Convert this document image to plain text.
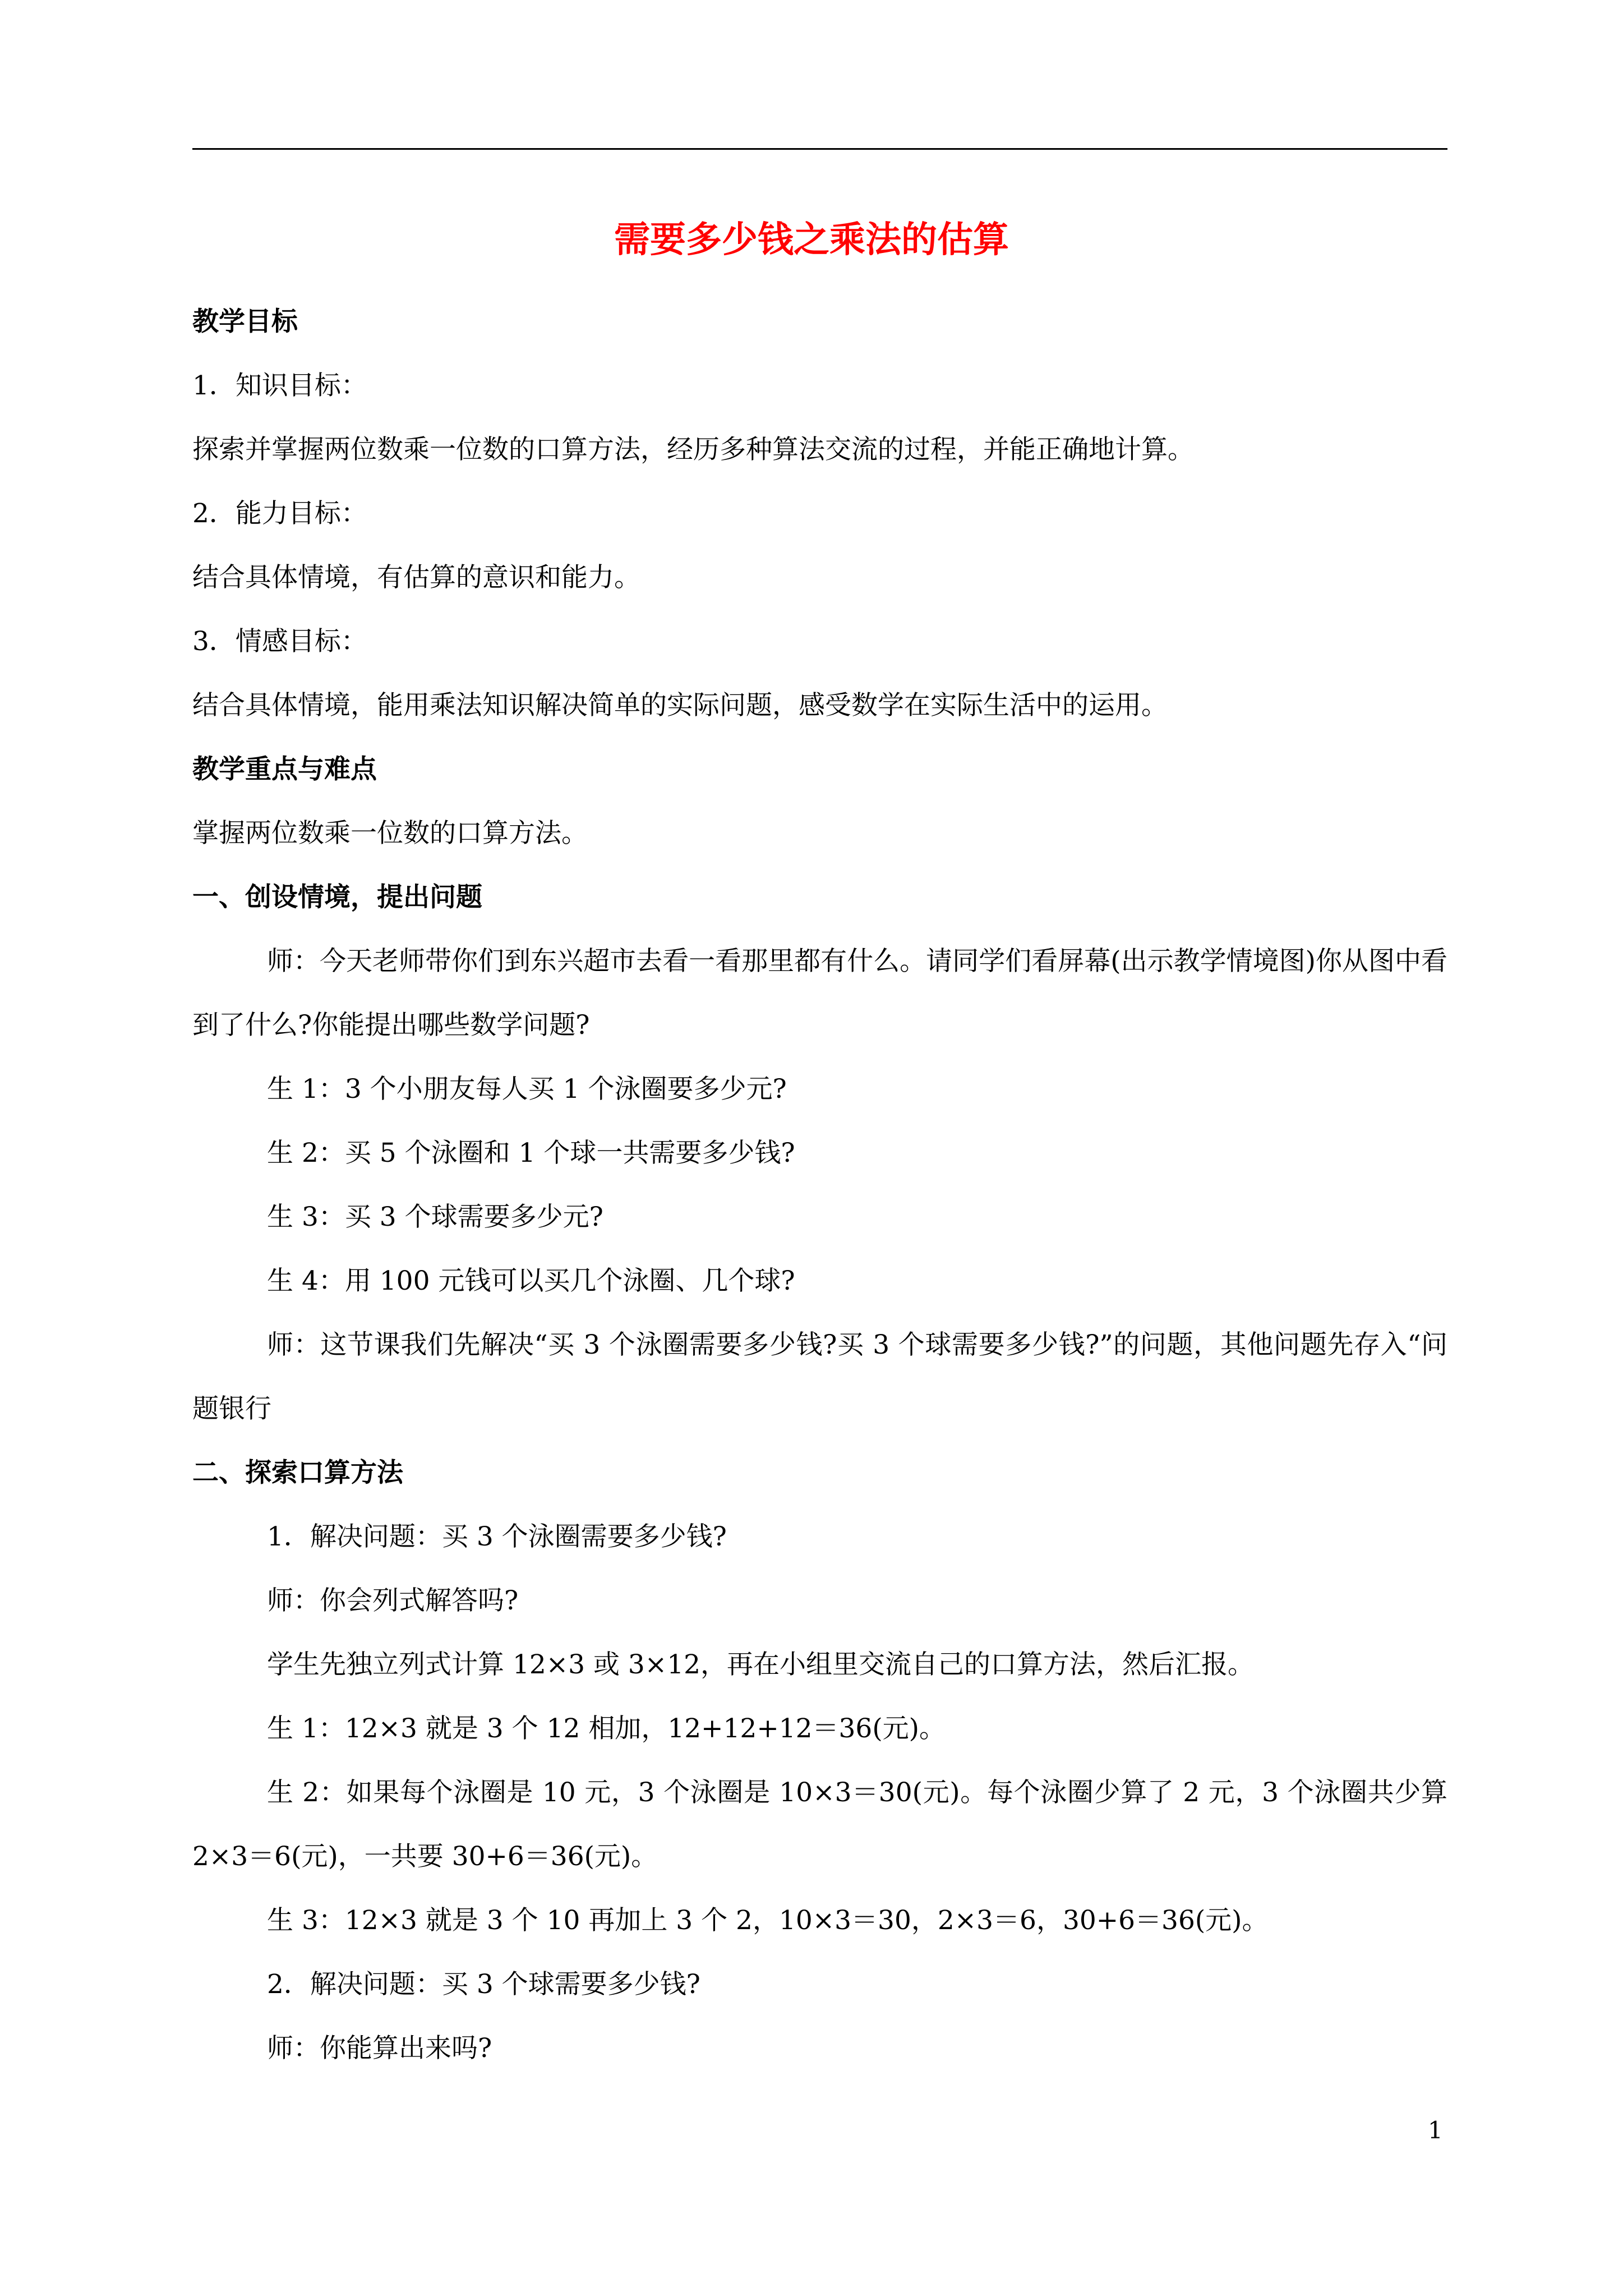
需要多少钱之乘法的估算

教学目标

1．知识目标：

探索并掌握两位数乘一位数的口算方法，经历多种算法交流的过程，并能正确地计算。

2．能力目标：

结合具体情境，有估算的意识和能力。

3．情感目标：

结合具体情境，能用乘法知识解决简单的实际问题，感受数学在实际生活中的运用。

教学重点与难点

掌握两位数乘一位数的口算方法。

一、创设情境，提出问题

师：今天老师带你们到东兴超市去看一看那里都有什么。请同学们看屏幕(出示教学情境图)你从图中看到了什么?你能提出哪些数学问题?

生 1：3 个小朋友每人买 1 个泳圈要多少元?

生 2：买 5 个泳圈和 1 个球一共需要多少钱?

生 3：买 3 个球需要多少元?

生 4：用 100 元钱可以买几个泳圈、几个球?

师：这节课我们先解决“买 3 个泳圈需要多少钱?买 3 个球需要多少钱?”的问题，其他问题先存入“问题银行

二、探索口算方法

1．解决问题：买 3 个泳圈需要多少钱?

师：你会列式解答吗?

学生先独立列式计算 12×3 或 3×12，再在小组里交流自己的口算方法，然后汇报。

生 1：12×3 就是 3 个 12 相加，12+12+12＝36(元)。

生 2：如果每个泳圈是 10 元，3 个泳圈是 10×3＝30(元)。每个泳圈少算了 2 元，3 个泳圈共少算 2×3＝6(元)，一共要 30+6＝36(元)。

生 3：12×3 就是 3 个 10 再加上 3 个 2，10×3＝30，2×3＝6，30+6＝36(元)。

2．解决问题：买 3 个球需要多少钱?

师：你能算出来吗?

1
